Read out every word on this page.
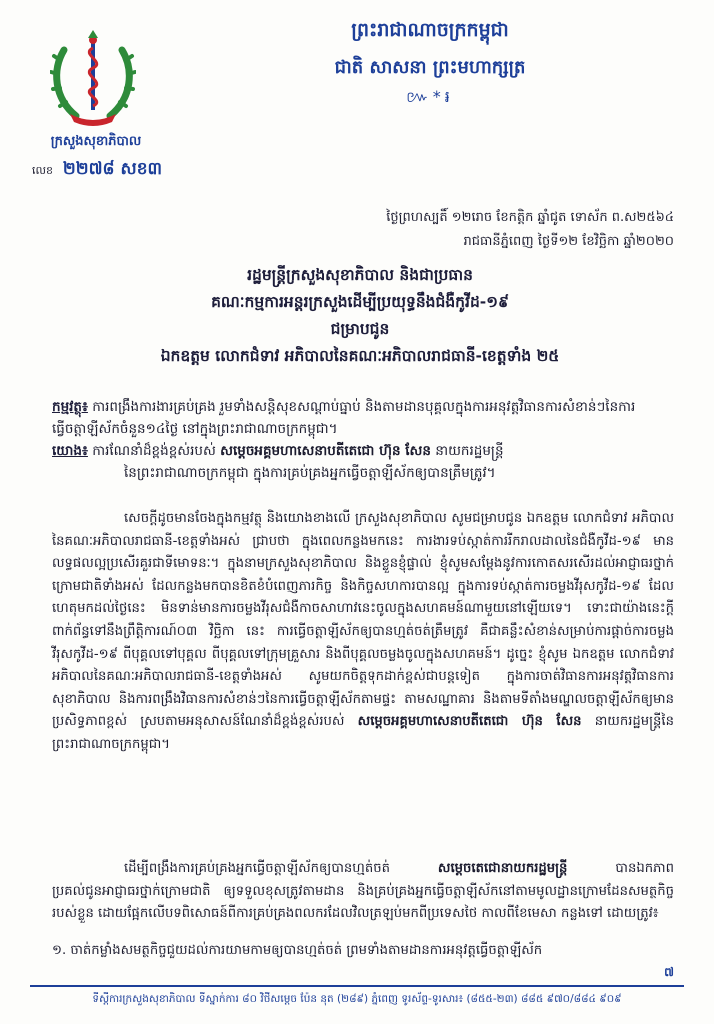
ព្រះរាជាណាចក្រកម្ពុជា
ជាតិ សាសនា ព្រះមហាក្សត្រ
៚*៛
ក្រសួងសុខាភិបាល
លេខ ២២៧៨ សខ៣
ថ្ងៃព្រហស្បតិ៍ ១២រោច ខែកត្តិក ឆ្នាំជូត ទោស័ក ព.ស២៥៦៤
រាជធានីភ្នំពេញ ថ្ងៃទី១២ ខែវិច្ឆិកា ឆ្នាំ២០២០
រដ្ឋមន្ត្រីក្រសួងសុខាភិបាល និងជាប្រធាន
គណៈកម្មការអន្តរក្រសួងដើម្បីប្រយុទ្ធនឹងជំងឺកូវីដ-១៩
ជម្រាបជូន
ឯកឧត្តម លោកជំទាវ អភិបាលនៃគណៈអភិបាលរាជធានី-ខេត្តទាំង ២៥
កម្មវត្ថុ៖ ការពង្រឹងការងារគ្រប់គ្រង រួមទាំងសន្តិសុខសណ្តាប់ធ្នាប់ និងតាមដានបុគ្គលក្នុងការអនុវត្តវិធានការសំខាន់ៗនៃការធ្វើចត្តាឡីស័កចំនួន១៤ថ្ងៃ នៅក្នុងព្រះរាជាណាចក្រកម្ពុជា។
យោង៖ ការណែនាំដ៏ខ្ពង់ខ្ពស់របស់ សម្តេចអគ្គមហាសេនាបតីតេជោ ហ៊ុន សែន នាយករដ្ឋមន្ត្រី
នៃព្រះរាជាណាចក្រកម្ពុជា ក្នុងការគ្រប់គ្រងអ្នកធ្វើចត្តាឡីស័កឲ្យបានត្រឹមត្រូវ។
សេចក្តីដូចមានចែងក្នុងកម្មវត្ថុ និងយោងខាងលើ ក្រសួងសុខាភិបាល សូមជម្រាបជូន ឯកឧត្តម លោកជំទាវ អភិបាលនៃគណៈអភិបាលរាជធានី-ខេត្តទាំងអស់ ជ្រាបថា ក្នុងពេលកន្លងមកនេះ ការងារទប់ស្កាត់ការរីករាលដាលនៃជំងឺកូវីដ-១៩ មានលទ្ធផលល្អប្រសើរគួរជាទីមោទនៈ។ ក្នុងនាមក្រសួងសុខាភិបាល និងខ្លួនខ្ញុំផ្ទាល់ ខ្ញុំសូមសម្តែងនូវការកោតសរសើរដល់អាជ្ញាធរថ្នាក់ក្រោមជាតិទាំងអស់ ដែលកន្លងមកបានខិតខំបំពេញភារកិច្ច និងកិច្ចសហការបានល្អ ក្នុងការទប់ស្កាត់ការចម្លងវីរុសកូវីដ-១៩ ដែលហេតុមកដល់ថ្ងៃនេះ មិនទាន់មានការចម្លងវីរុសជំងឺកាចសាហាវនេះចូលក្នុងសហគមន៍ណាមួយនៅឡើយទេ។ ទោះជាយ៉ាងនេះក្តី ពាក់ព័ន្ធទៅនឹងព្រឹត្តិការណ៍០៣ វិច្ឆិកា នេះ ការធ្វើចត្តាឡីស័កឲ្យបានហ្មត់ចត់ត្រឹមត្រូវ គឺជាគន្លឹះសំខាន់សម្រាប់ការផ្តាច់ការចម្លងវីរុសកូវីដ-១៩ ពីបុគ្គលទៅបុគ្គល ពីបុគ្គលទៅក្រុមគ្រួសារ និងពីបុគ្គលចម្លងចូលក្នុងសហគមន៍។ ដូច្នេះ ខ្ញុំសូម ឯកឧត្តម លោកជំទាវ អភិបាលនៃគណៈអភិបាលរាជធានី-ខេត្តទាំងអស់ សូមយកចិត្តទុកដាក់ខ្ពស់ជាបន្តទៀត ក្នុងការចាត់វិធានការអនុវត្តវិធានការសុខាភិបាល និងការពង្រឹងវិធានការសំខាន់ៗនៃការធ្វើចត្តាឡីស័កតាមផ្ទះ តាមសណ្ឋាគារ និងតាមទីតាំងមណ្ឌលចត្តាឡីស័កឲ្យមានប្រសិទ្ធភាពខ្ពស់ ស្របតាមអនុសាសន៍ណែនាំដ៏ខ្ពង់ខ្ពស់របស់ សម្តេចអគ្គមហាសេនាបតីតេជោ ហ៊ុន សែន នាយករដ្ឋមន្ត្រីនៃព្រះរាជាណាចក្រកម្ពុជា។
ដើម្បីពង្រឹងការគ្រប់គ្រងអ្នកធ្វើចត្តាឡីស័កឲ្យបានហ្មត់ចត់	សម្តេចតេជោនាយករដ្ឋមន្ត្រី	បានឯកភាពប្រគល់ជូនអាជ្ញាធរថ្នាក់ក្រោមជាតិ ឲ្យទទួលខុសត្រូវតាមដាន និងគ្រប់គ្រងអ្នកធ្វើចត្តាឡីស័កនៅតាមមូលដ្ឋានក្រោមដែនសមត្ថកិច្ចរបស់ខ្លួន ដោយផ្អែកលើបទពិសោធន៍ពីការគ្រប់គ្រងពលករដែលវិលត្រឡប់មកពីប្រទេសថៃ កាលពីខែមេសា កន្លងទៅ ដោយត្រូវ៖
១. ចាត់កម្លាំងសមត្ថកិច្ចជួយដល់ការយាមកាមឲ្យបានហ្មត់ចត់ ព្រមទាំងតាមដានការអនុវត្តធ្វើចត្តាឡីស័ក
៧
ទីស្តីការក្រសួងសុខាភិបាល ទីស្នាក់ការ ៨០ វិថីសម្តេច ប៉ែន នុត (២៨៩) ភ្នំពេញ ទូរស័ព្ទ-ទូរសារ៖ (៨៥៥-២៣) ៨៨៥ ៩៧០/៨៨៤ ៩០៩
